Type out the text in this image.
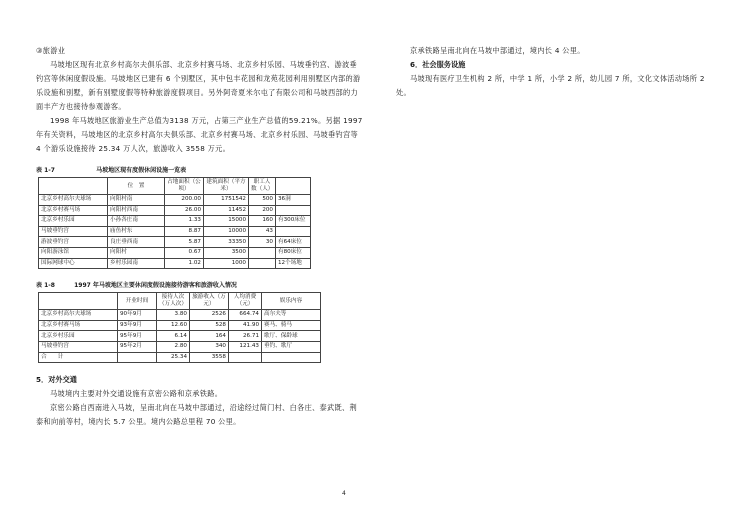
③旅游业

马坡地区现有北京乡村高尔夫俱乐部、北京乡村赛马场、北京乡村乐园、马坡垂钓宫、游波垂钓宫等休闲度假设施。马坡地区已建有 6 个别墅区，其中包丰花园和龙苑花园利用别墅区内部的游乐设施和别墅，新有别墅度假等特种旅游度假项目。另外阿奇夏米尔屯了有限公司和马坡西部的力面丰产方也接待参观游客。

1998 年马坡地区旅游业生产总值为3138 万元，占第三产业生产总值的59.21%。另据 1997 年有关资料，马坡地区的北京乡村高尔夫俱乐部、北京乡村赛马场、北京乡村乐园、马坡垂钓宫等 4 个游乐设施接待 25.34 万人次，旅游收入 3558 万元。

表 1-7	马坡地区现有度假休闲设施一览表
	位　置	占地面积（公顷）	建筑面积（平方米）	职工人数（人）	
北京乡村高尔夫球场	向阳村南	200.00	1751542	500	36洞
北京乡村赛马场	向阳村西南	26.00	11452	200	
北京乡村乐园	小孙各庄南	1.33	15000	160	有300床位
马坡垂钓宫	庙鱼村东	8.87	10000	43	
游波垂钓宫	良庄垂西南	5.87	33350	30	有64床位
向阳游泳馆	向阳村	0.67	3500		有80床位
国际网球中心	乡村乐园南	1.02	1000		12个场地
表 1-8	1997 年马坡地区主要休闲度假设施接待游客和旅游收入情况
	开业时间	接待人次（万人次）	旅游收入（万元）	人均消费（元）	娱乐内容
北京乡村高尔夫球场	90年9月	3.80	2526	664.74	高尔夫等
北京乡村赛马场	93年9月	12.60	528	41.90	赛马、骑马
北京乡村乐园	95年9月	6.14	164	26.71	歌厅、保龄球
马坡垂钓宫	95年2月	2.80	340	121.43	垂钓、歌厅
合　　计		25.34	3558		

5．对外交通

马坡境内主要对外交通设施有京密公路和京承铁路。

京密公路自西南进入马坡，呈南北向在马坡中部通过，沿途经过简门村、白各庄、泰武既、荆泰和向前等村，境内长 5.7 公里。境内公路总里程 70 公里。

京承铁路呈南北向在马坡中部通过，境内长 4 公里。

6．社会服务设施

马坡现有医疗卫生机构 2 所，中学 1 所，小学 2 所，幼儿园 7 所，文化文体活动场所 2 处。

4
